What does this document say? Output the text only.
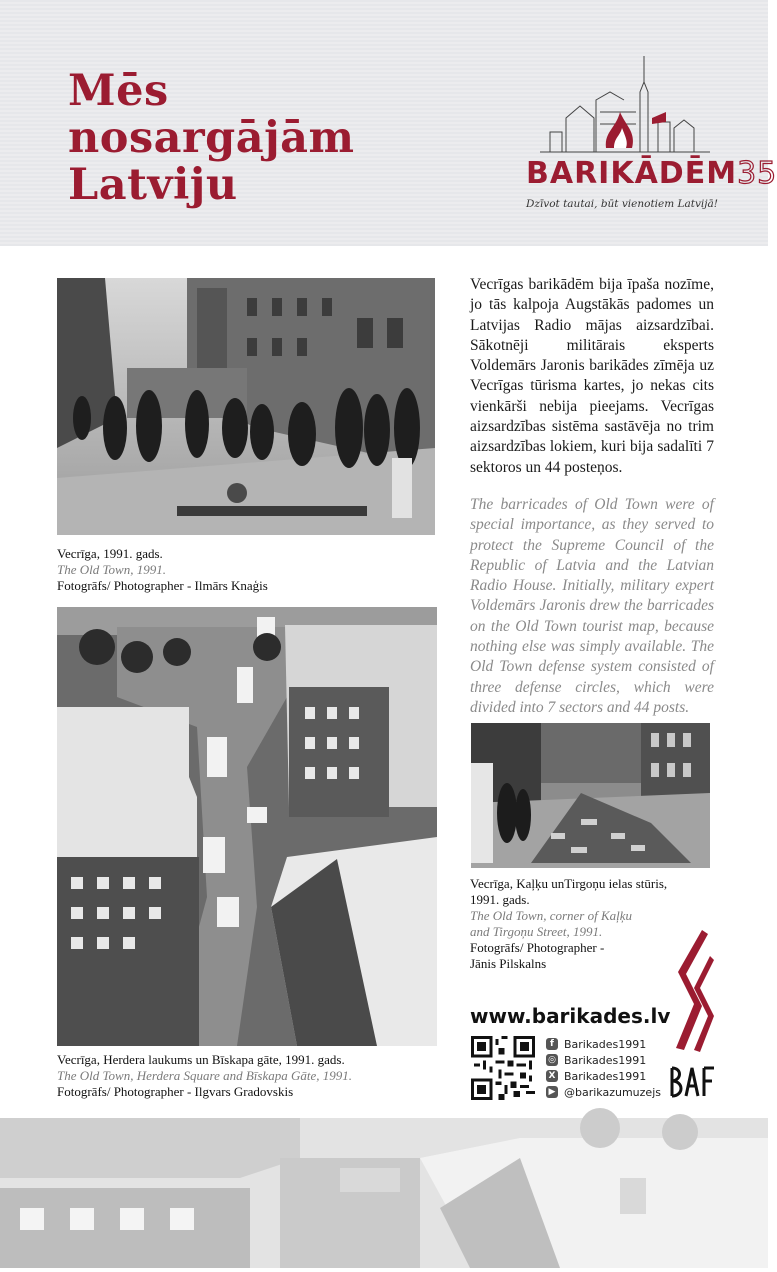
Mēs
nosargājām
Latviju	BARIKĀDĒM35
Dzīvot tautai, būt vienotiem Latvijā!
Vecrīga, 1991. gads.
The Old Town, 1991.
Fotogrāfs/ Photographer - Ilmārs Knaģis
Vecrīga, Herdera laukums un Bīskapa gāte, 1991. gads.
The Old Town, Herdera Square and Bīskapa Gāte, 1991.
Fotogrāfs/ Photographer - Ilgvars Gradovskis
Vecrīgas barikādēm bija īpaša nozīme, jo tās kalpoja Augstākās padomes un Latvijas Radio mājas aizsardzībai. Sākotnēji militārais eksperts Voldemārs Jaronis barikādes zīmēja uz Vecrīgas tūrisma kartes, jo nekas cits vienkārši nebija pieejams. Vecrīgas aizsardzības sistēma sastāvēja no trim aizsardzības lokiem, kuri bija sadalīti 7 sektoros un 44 posteņos.
The barricades of Old Town were of special importance, as they served to protect the Supreme Council of the Republic of Latvia and the Latvian Radio House. Initially, military expert Voldemārs Jaronis drew the barricades on the Old Town tourist map, because nothing else was simply available. The Old Town defense system consisted of three defense circles, which were divided into 7 sectors and 44 posts.
Vecrīga, Kaļķu unTirgoņu ielas stūris,
1991. gads.
The Old Town, corner of Kaļķu
and Tirgoņu Street, 1991.
Fotogrāfs/ Photographer -
Jānis Pilskalns
www.barikades.lv
f Barikades1991
◎ Barikades1991
X Barikades1991
▶ @barikazumuzejs
